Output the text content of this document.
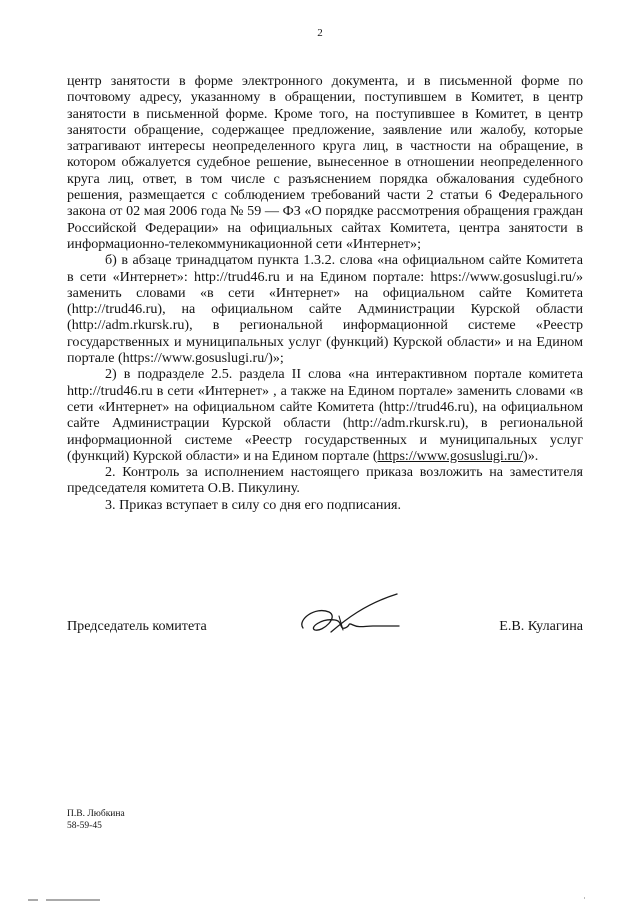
2

центр занятости в форме электронного документа, и в письменной форме по почтовому адресу, указанному в обращении, поступившем в Комитет, в центр занятости в письменной форме. Кроме того, на поступившее в Комитет, в центр занятости обращение, содержащее предложение, заявление или жалобу, которые затрагивают интересы неопределенного круга лиц, в частности на обращение, в котором обжалуется судебное решение, вынесенное в отношении неопределенного круга лиц, ответ, в том числе с разъяснением порядка обжалования судебного решения, размещается с соблюдением требований части 2 статьи 6 Федерального закона от 02 мая 2006 года № 59 — ФЗ «О порядке рассмотрения обращения граждан Российской Федерации» на официальных сайтах Комитета, центра занятости в информационно-телекоммуникационной сети «Интернет»;

б) в абзаце тринадцатом пункта 1.3.2. слова «на официальном сайте Комитета в сети «Интернет»: http://trud46.ru и на Едином портале: https://www.gosuslugi.ru/» заменить словами «в сети «Интернет» на официальном сайте Комитета (http://trud46.ru), на официальном сайте Администрации Курской области (http://adm.rkursk.ru), в региональной информационной системе «Реестр государственных и муниципальных услуг (функций) Курской области» и на Едином портале (https://www.gosuslugi.ru/)»;

2) в подразделе 2.5. раздела II слова «на интерактивном портале комитета http://trud46.ru в сети «Интернет» , а также на Едином портале» заменить словами «в сети «Интернет» на официальном сайте Комитета (http://trud46.ru), на официальном сайте Администрации Курской области (http://adm.rkursk.ru), в региональной информационной системе «Реестр государственных и муниципальных услуг (функций) Курской области» и на Едином портале (https://www.gosuslugi.ru/)».

2. Контроль за исполнением настоящего приказа возложить на заместителя председателя комитета О.В. Пикулину.

3. Приказ вступает в силу со дня его подписания.

Председатель комитета	Е.В. Кулагина
П.В. Любкина
58-59-45
